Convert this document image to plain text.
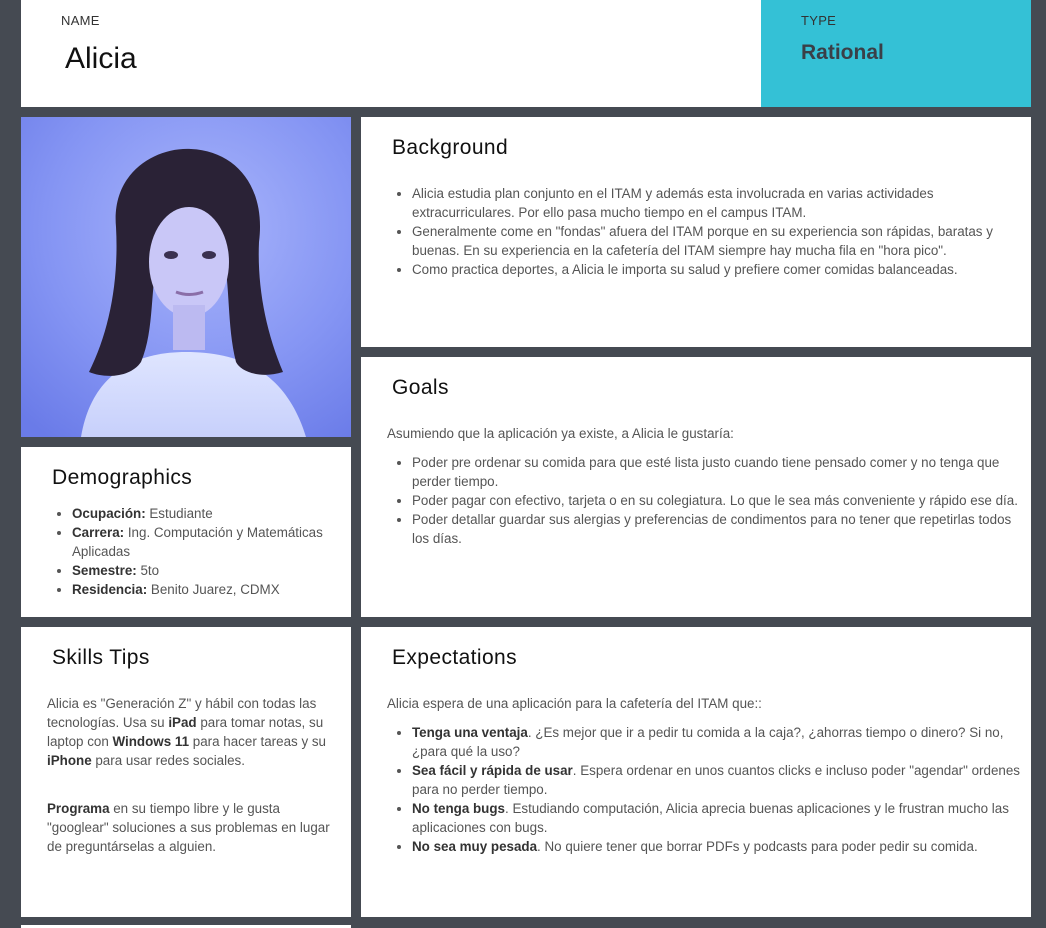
NAME
Alicia
TYPE
Rational
Demographics
• Ocupación: Estudiante
• Carrera: Ing. Computación y Matemáticas Aplicadas
• Semestre: 5to
• Residencia: Benito Juarez, CDMX
Background
• Alicia estudia plan conjunto en el ITAM y además esta involucrada en varias actividades extracurriculares. Por ello pasa mucho tiempo en el campus ITAM.
• Generalmente come en "fondas" afuera del ITAM porque en su experiencia son rápidas, baratas y buenas. En su experiencia en la cafetería del ITAM siempre hay mucha fila en "hora pico".
• Como practica deportes, a Alicia le importa su salud y prefiere comer comidas balanceadas.
Goals

Asumiendo que la aplicación ya existe, a Alicia le gustaría:

• Poder pre ordenar su comida para que esté lista justo cuando tiene pensado comer y no tenga que perder tiempo.
• Poder pagar con efectivo, tarjeta o en su colegiatura. Lo que le sea más conveniente y rápido ese día.
• Poder detallar guardar sus alergias y preferencias de condimentos para no tener que repetirlas todos los días.
Skills Tips

Alicia es "Generación Z" y hábil con todas las tecnologías. Usa su iPad para tomar notas, su laptop con Windows 11 para hacer tareas y su iPhone para usar redes sociales.

Programa en su tiempo libre y le gusta "googlear" soluciones a sus problemas en lugar de preguntárselas a alguien.

Expectations

Alicia espera de una aplicación para la cafetería del ITAM que::

• Tenga una ventaja. ¿Es mejor que ir a pedir tu comida a la caja?, ¿ahorras tiempo o dinero? Si no, ¿para qué la uso?
• Sea fácil y rápida de usar. Espera ordenar en unos cuantos clicks e incluso poder "agendar" ordenes para no perder tiempo.
• No tenga bugs. Estudiando computación, Alicia aprecia buenas aplicaciones y le frustran mucho las aplicaciones con bugs.
• No sea muy pesada. No quiere tener que borrar PDFs y podcasts para poder pedir su comida.
